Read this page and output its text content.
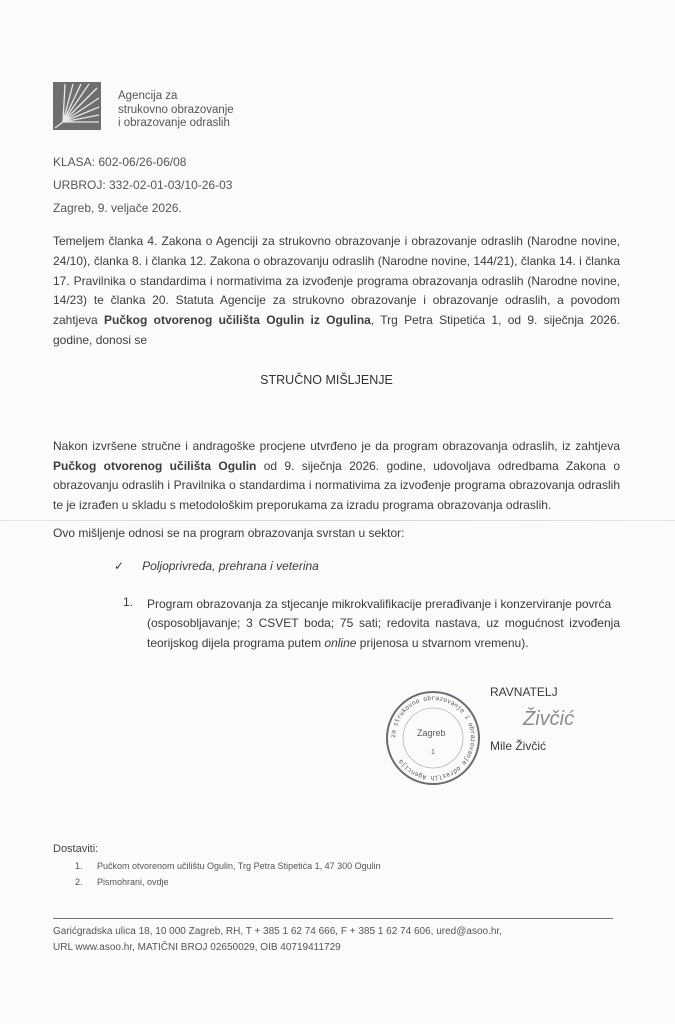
Agencija za
strukovno obrazovanje
i obrazovanje odraslih
KLASA: 602-06/26-06/08
URBROJ: 332-02-01-03/10-26-03
Zagreb, 9. veljače 2026.
Temeljem članka 4. Zakona o Agenciji za strukovno obrazovanje i obrazovanje odraslih (Narodne novine, 24/10), članka 8. i članka 12. Zakona o obrazovanju odraslih (Narodne novine, 144/21), članka 14. i članka 17. Pravilnika o standardima i normativima za izvođenje programa obrazovanja odraslih (Narodne novine, 14/23) te članka 20. Statuta Agencije za strukovno obrazovanje i obrazovanje odraslih, a povodom zahtjeva Pučkog otvorenog učilišta Ogulin iz Ogulina, Trg Petra Stipetića 1, od 9. siječnja 2026. godine, donosi se
STRUČNO MIŠLJENJE
Nakon izvršene stručne i andragoške procjene utvrđeno je da program obrazovanja odraslih, iz zahtjeva Pučkog otvorenog učilišta Ogulin od 9. siječnja 2026. godine, udovoljava odredbama Zakona o obrazovanju odraslih i Pravilnika o standardima i normativima za izvođenje programa obrazovanja odraslih te je izrađen u skladu s metodološkim preporukama za izradu programa obrazovanja odraslih.
Ovo mišljenje odnosi se na program obrazovanja svrstan u sektor:
✓ Poljoprivreda, prehrana i veterina
1. Program obrazovanja za stjecanje mikrokvalifikacije prerađivanje i konzerviranje povrća
(osposobljavanje; 3 CSVET boda; 75 sati; redovita nastava, uz mogućnost izvođenja teorijskog dijela programa putem online prijenosa u stvarnom vremenu).
za strukovno obrazovanje i obrazovanje odraslih Agencija
Zagreb
1
RAVNATELJ
Živčić
Mile Živčić
Dostaviti:
1. Pučkom otvorenom učilištu Ogulin, Trg Petra Stipetića 1, 47 300 Ogulin
2. Pismohrani, ovdje
Garićgradska ulica 18, 10 000 Zagreb, RH, T + 385 1 62 74 666, F + 385 1 62 74 606, ured@asoo.hr,
URL www.asoo.hr, MATIČNI BROJ 02650029, OIB 40719411729
